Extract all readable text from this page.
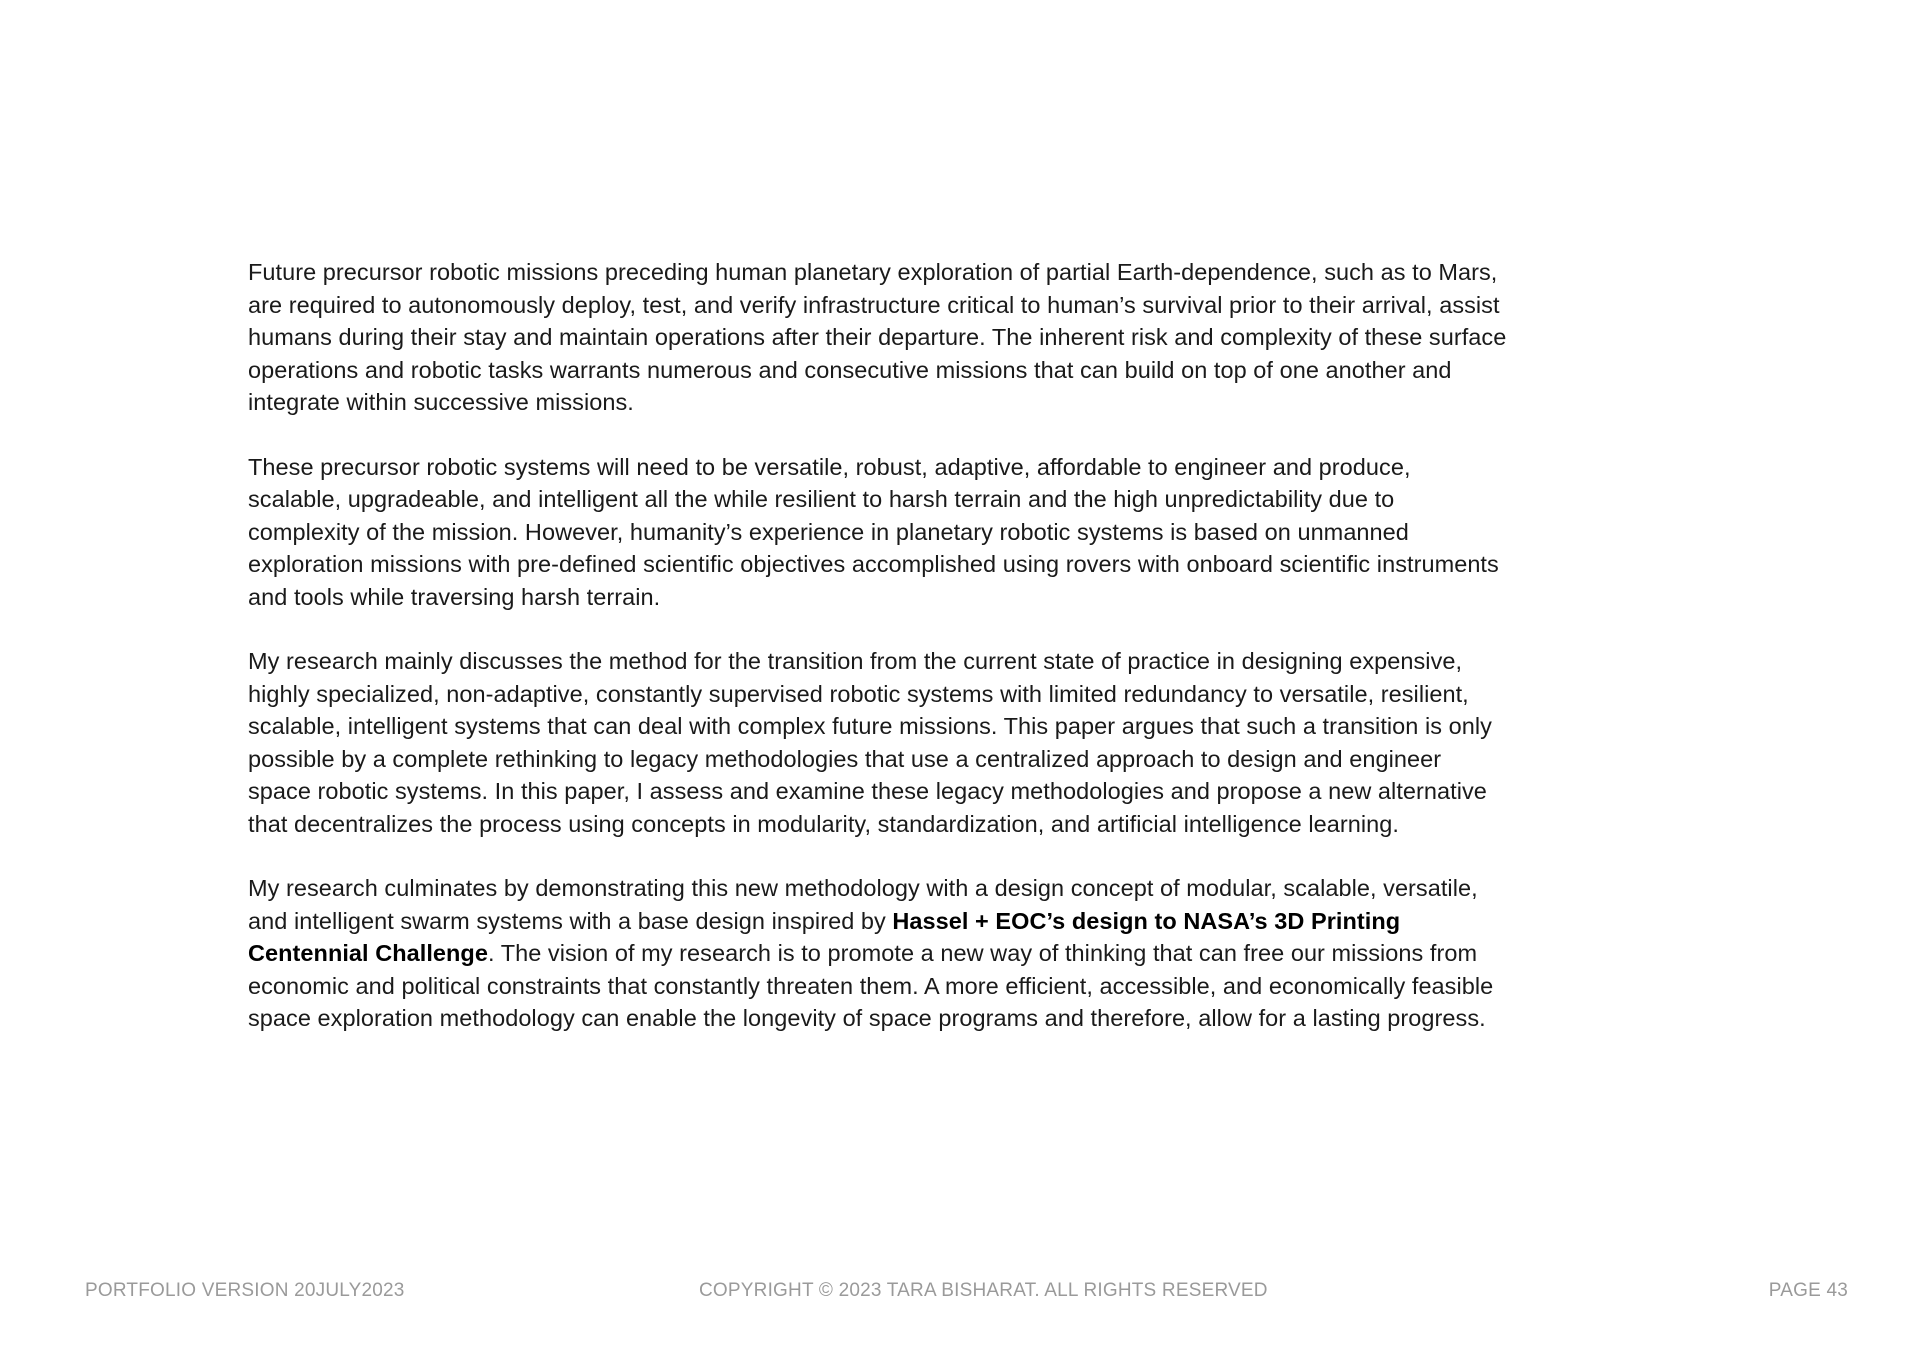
Future precursor robotic missions preceding human planetary exploration of partial Earth-dependence, such as to Mars, are required to autonomously deploy, test, and verify infrastructure critical to human’s survival prior to their arrival, assist humans during their stay and maintain operations after their departure. The inherent risk and complexity of these surface operations and robotic tasks warrants numerous and consecutive missions that can build on top of one another and integrate within successive missions.

These precursor robotic systems will need to be versatile, robust, adaptive, affordable to engineer and produce, scalable, upgradeable, and intelligent all the while resilient to harsh terrain and the high unpredictability due to complexity of the mission. However, humanity’s experience in planetary robotic systems is based on unmanned exploration missions with pre-defined scientific objectives accomplished using rovers with onboard scientific instruments and tools while traversing harsh terrain.

My research mainly discusses the method for the transition from the current state of practice in designing expensive, highly specialized, non-adaptive, constantly supervised robotic systems with limited redundancy to versatile, resilient, scalable, intelligent systems that can deal with complex future missions. This paper argues that such a transition is only possible by a complete rethinking to legacy methodologies that use a centralized approach to design and engineer space robotic systems. In this paper, I assess and examine these legacy methodologies and propose a new alternative that decentralizes the process using concepts in modularity, standardization, and artificial intelligence learning.

My research culminates by demonstrating this new methodology with a design concept of modular, scalable, versatile, and intelligent swarm systems with a base design inspired by Hassel + EOC’s design to NASA’s 3D Printing Centennial Challenge. The vision of my research is to promote a new way of thinking that can free our missions from economic and political constraints that constantly threaten them. A more efficient, accessible, and economically feasible space exploration methodology can enable the longevity of space programs and therefore, allow for a lasting progress.

PORTFOLIO VERSION 20JULY2023	COPYRIGHT © 2023 TARA BISHARAT. ALL RIGHTS RESERVED	PAGE 43
